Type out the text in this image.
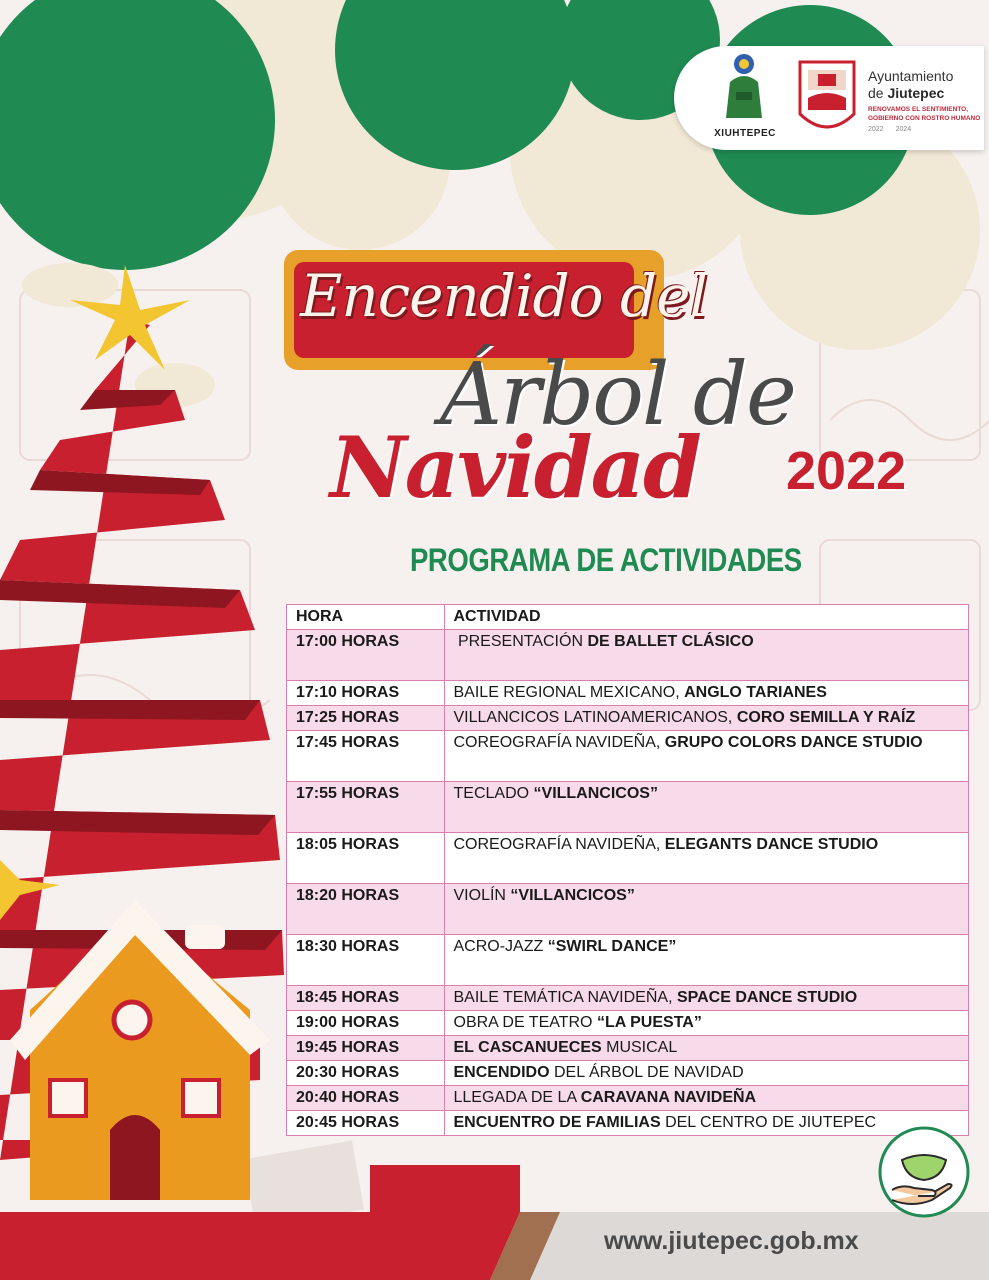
XIUHTEPEC
Ayuntamiento
de Jiutepec
RENOVAMOS EL SENTIMIENTO,
GOBIERNO CON ROSTRO HUMANO
2022 2024
Encendido del
Árbol de
Navidad 2022
PROGRAMA DE ACTIVIDADES
HORA	ACTIVIDAD
17:00 HORAS	PRESENTACIÓN DE BALLET CLÁSICO
17:10 HORAS	BAILE REGIONAL MEXICANO, ANGLO TARIANES
17:25 HORAS	VILLANCICOS LATINOAMERICANOS, CORO SEMILLA Y RAÍZ
17:45 HORAS	COREOGRAFÍA NAVIDEÑA, GRUPO COLORS DANCE STUDIO
17:55 HORAS	TECLADO “VILLANCICOS”
18:05 HORAS	COREOGRAFÍA NAVIDEÑA, ELEGANTS DANCE STUDIO
18:20 HORAS	VIOLÍN “VILLANCICOS”
18:30 HORAS	ACRO-JAZZ “SWIRL DANCE”
18:45 HORAS	BAILE TEMÁTICA NAVIDEÑA, SPACE DANCE STUDIO
19:00 HORAS	OBRA DE TEATRO “LA PUESTA”
19:45 HORAS	EL CASCANUECES MUSICAL
20:30 HORAS	ENCENDIDO DEL ÁRBOL DE NAVIDAD
20:40 HORAS	LLEGADA DE LA CARAVANA NAVIDEÑA
20:45 HORAS	ENCUENTRO DE FAMILIAS DEL CENTRO DE JIUTEPEC
www.jiutepec.gob.mx
